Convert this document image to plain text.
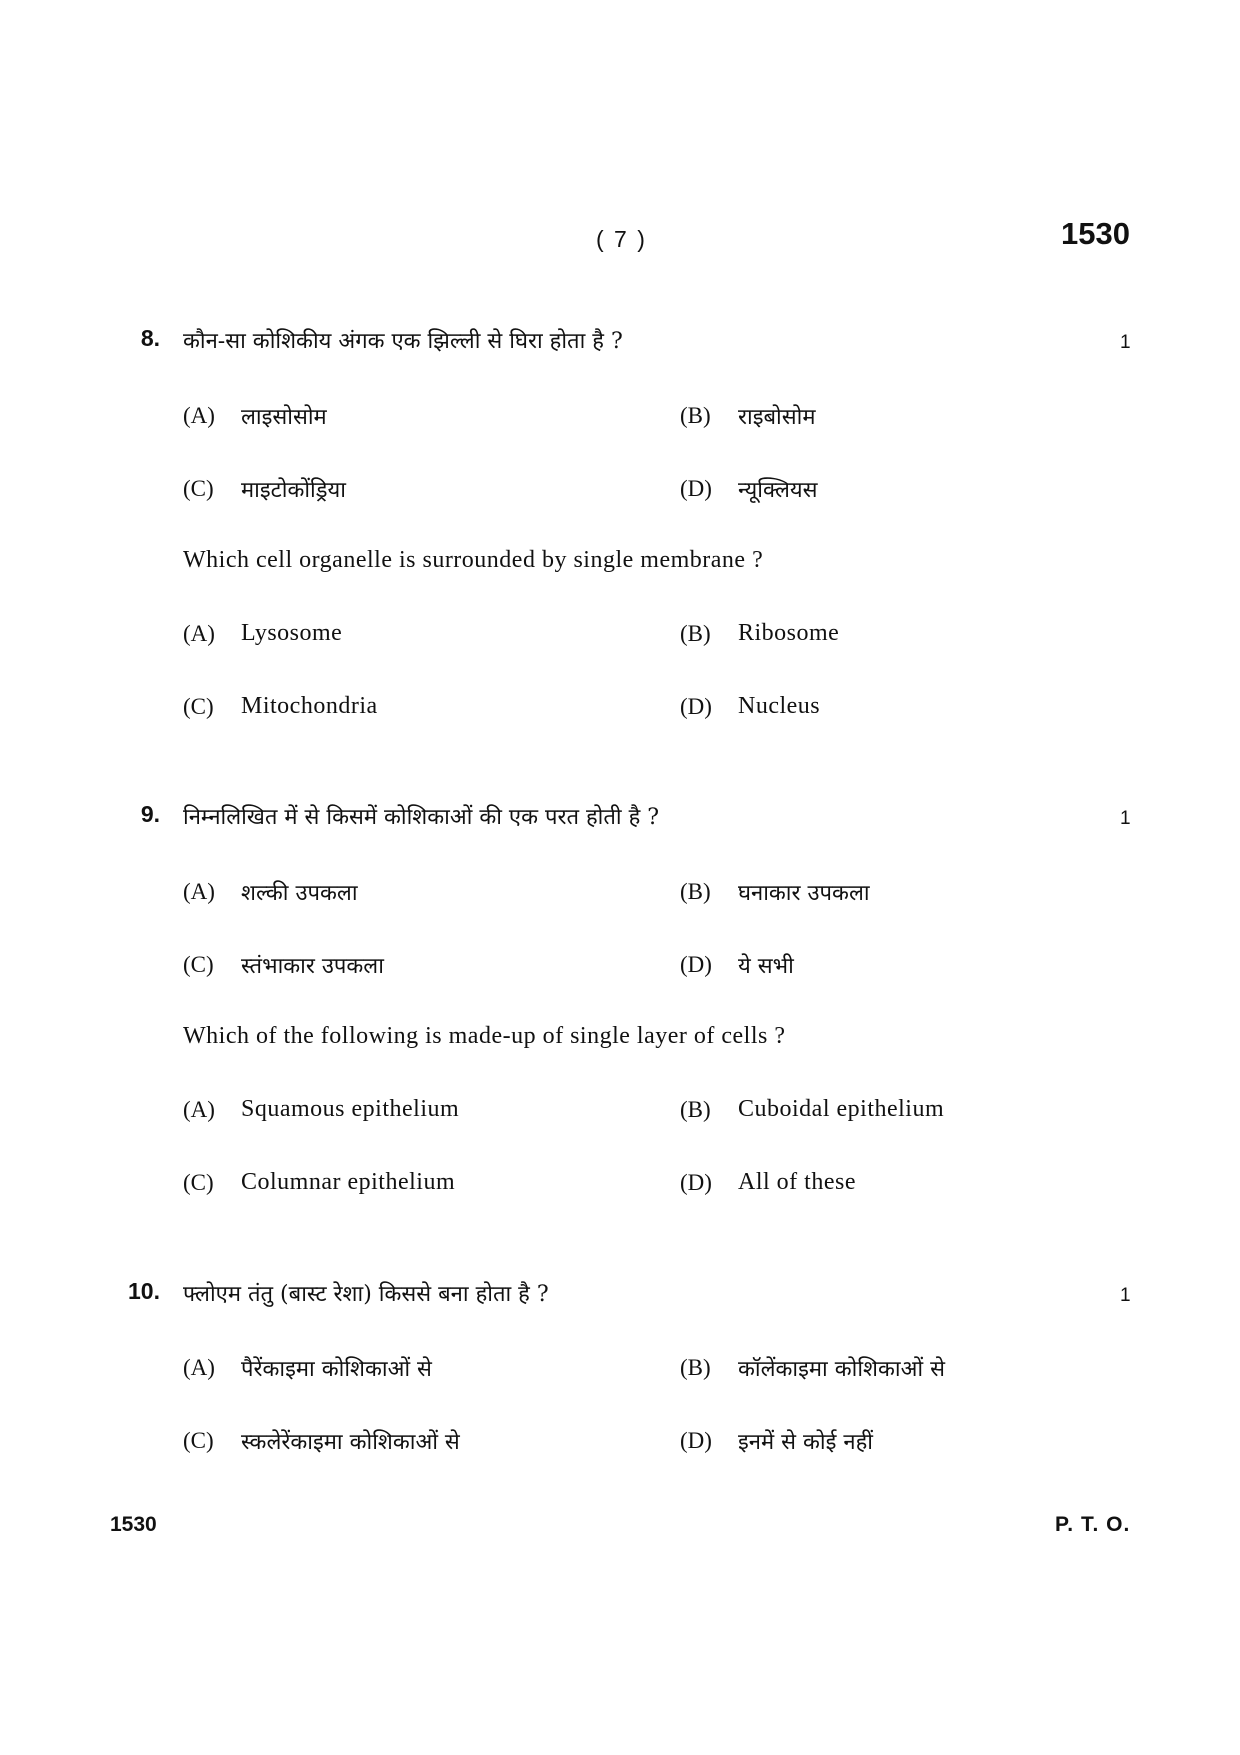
( 7 )	1530
8. कौन-सा कोशिकीय अंगक एक झिल्ली से घिरा होता है ?	1
(A) लाइसोसोम	(B) राइबोसोम
(C) माइटोकोंड्रिया	(D) न्यूक्लियस
Which cell organelle is surrounded by single membrane ?
(A) Lysosome	(B) Ribosome
(C) Mitochondria	(D) Nucleus
9. निम्नलिखित में से किसमें कोशिकाओं की एक परत होती है ?	1
(A) शल्की उपकला	(B) घनाकार उपकला
(C) स्तंभाकार उपकला	(D) ये सभी
Which of the following is made-up of single layer of cells ?
(A) Squamous epithelium	(B) Cuboidal epithelium
(C) Columnar epithelium	(D) All of these
10. फ्लोएम तंतु (बास्ट रेशा) किससे बना होता है ?	1
(A) पैरेंकाइमा कोशिकाओं से	(B) कॉलेंकाइमा कोशिकाओं से
(C) स्कलेरेंकाइमा कोशिकाओं से	(D) इनमें से कोई नहीं
1530	P. T. O.
